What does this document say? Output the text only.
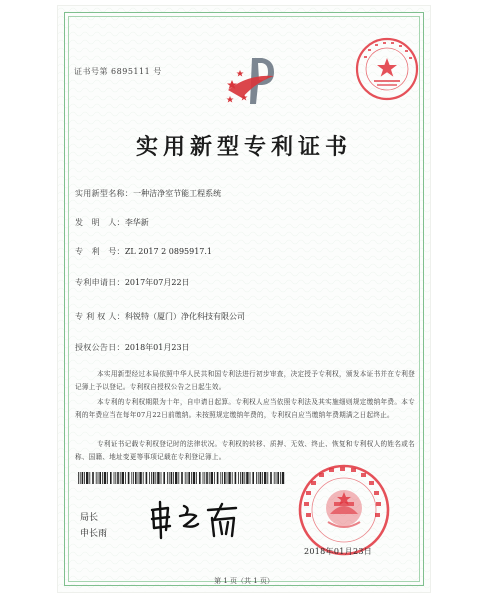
证书号第 6895111 号
实用新型专利证书
实用新型名称：一种洁净室节能工程系统
发　明　人：李华新
专　利　号：ZL 2017 2 0895917.1
专利申请日：2017年07月22日
专 利 权 人：科锐特（厦门）净化科技有限公司
授权公告日：2018年01月23日
本实用新型经过本局依照中华人民共和国专利法进行初步审查，决定授予专利权，颁发本证书并在专利登记簿上予以登记。专利权自授权公告之日起生效。
本专利的专利权期限为十年，自申请日起算。专利权人应当依照专利法及其实施细则规定缴纳年费。本专利的年费应当在每年07月22日前缴纳。未按照规定缴纳年费的，专利权自应当缴纳年费期满之日起终止。
专利证书记载专利权登记时的法律状况。专利权的转移、质押、无效、终止、恢复和专利权人的姓名或名称、国籍、地址变更等事项记载在专利登记簿上。
局长
申长雨
2018年01月23日
第 1 页（共 1 页）
